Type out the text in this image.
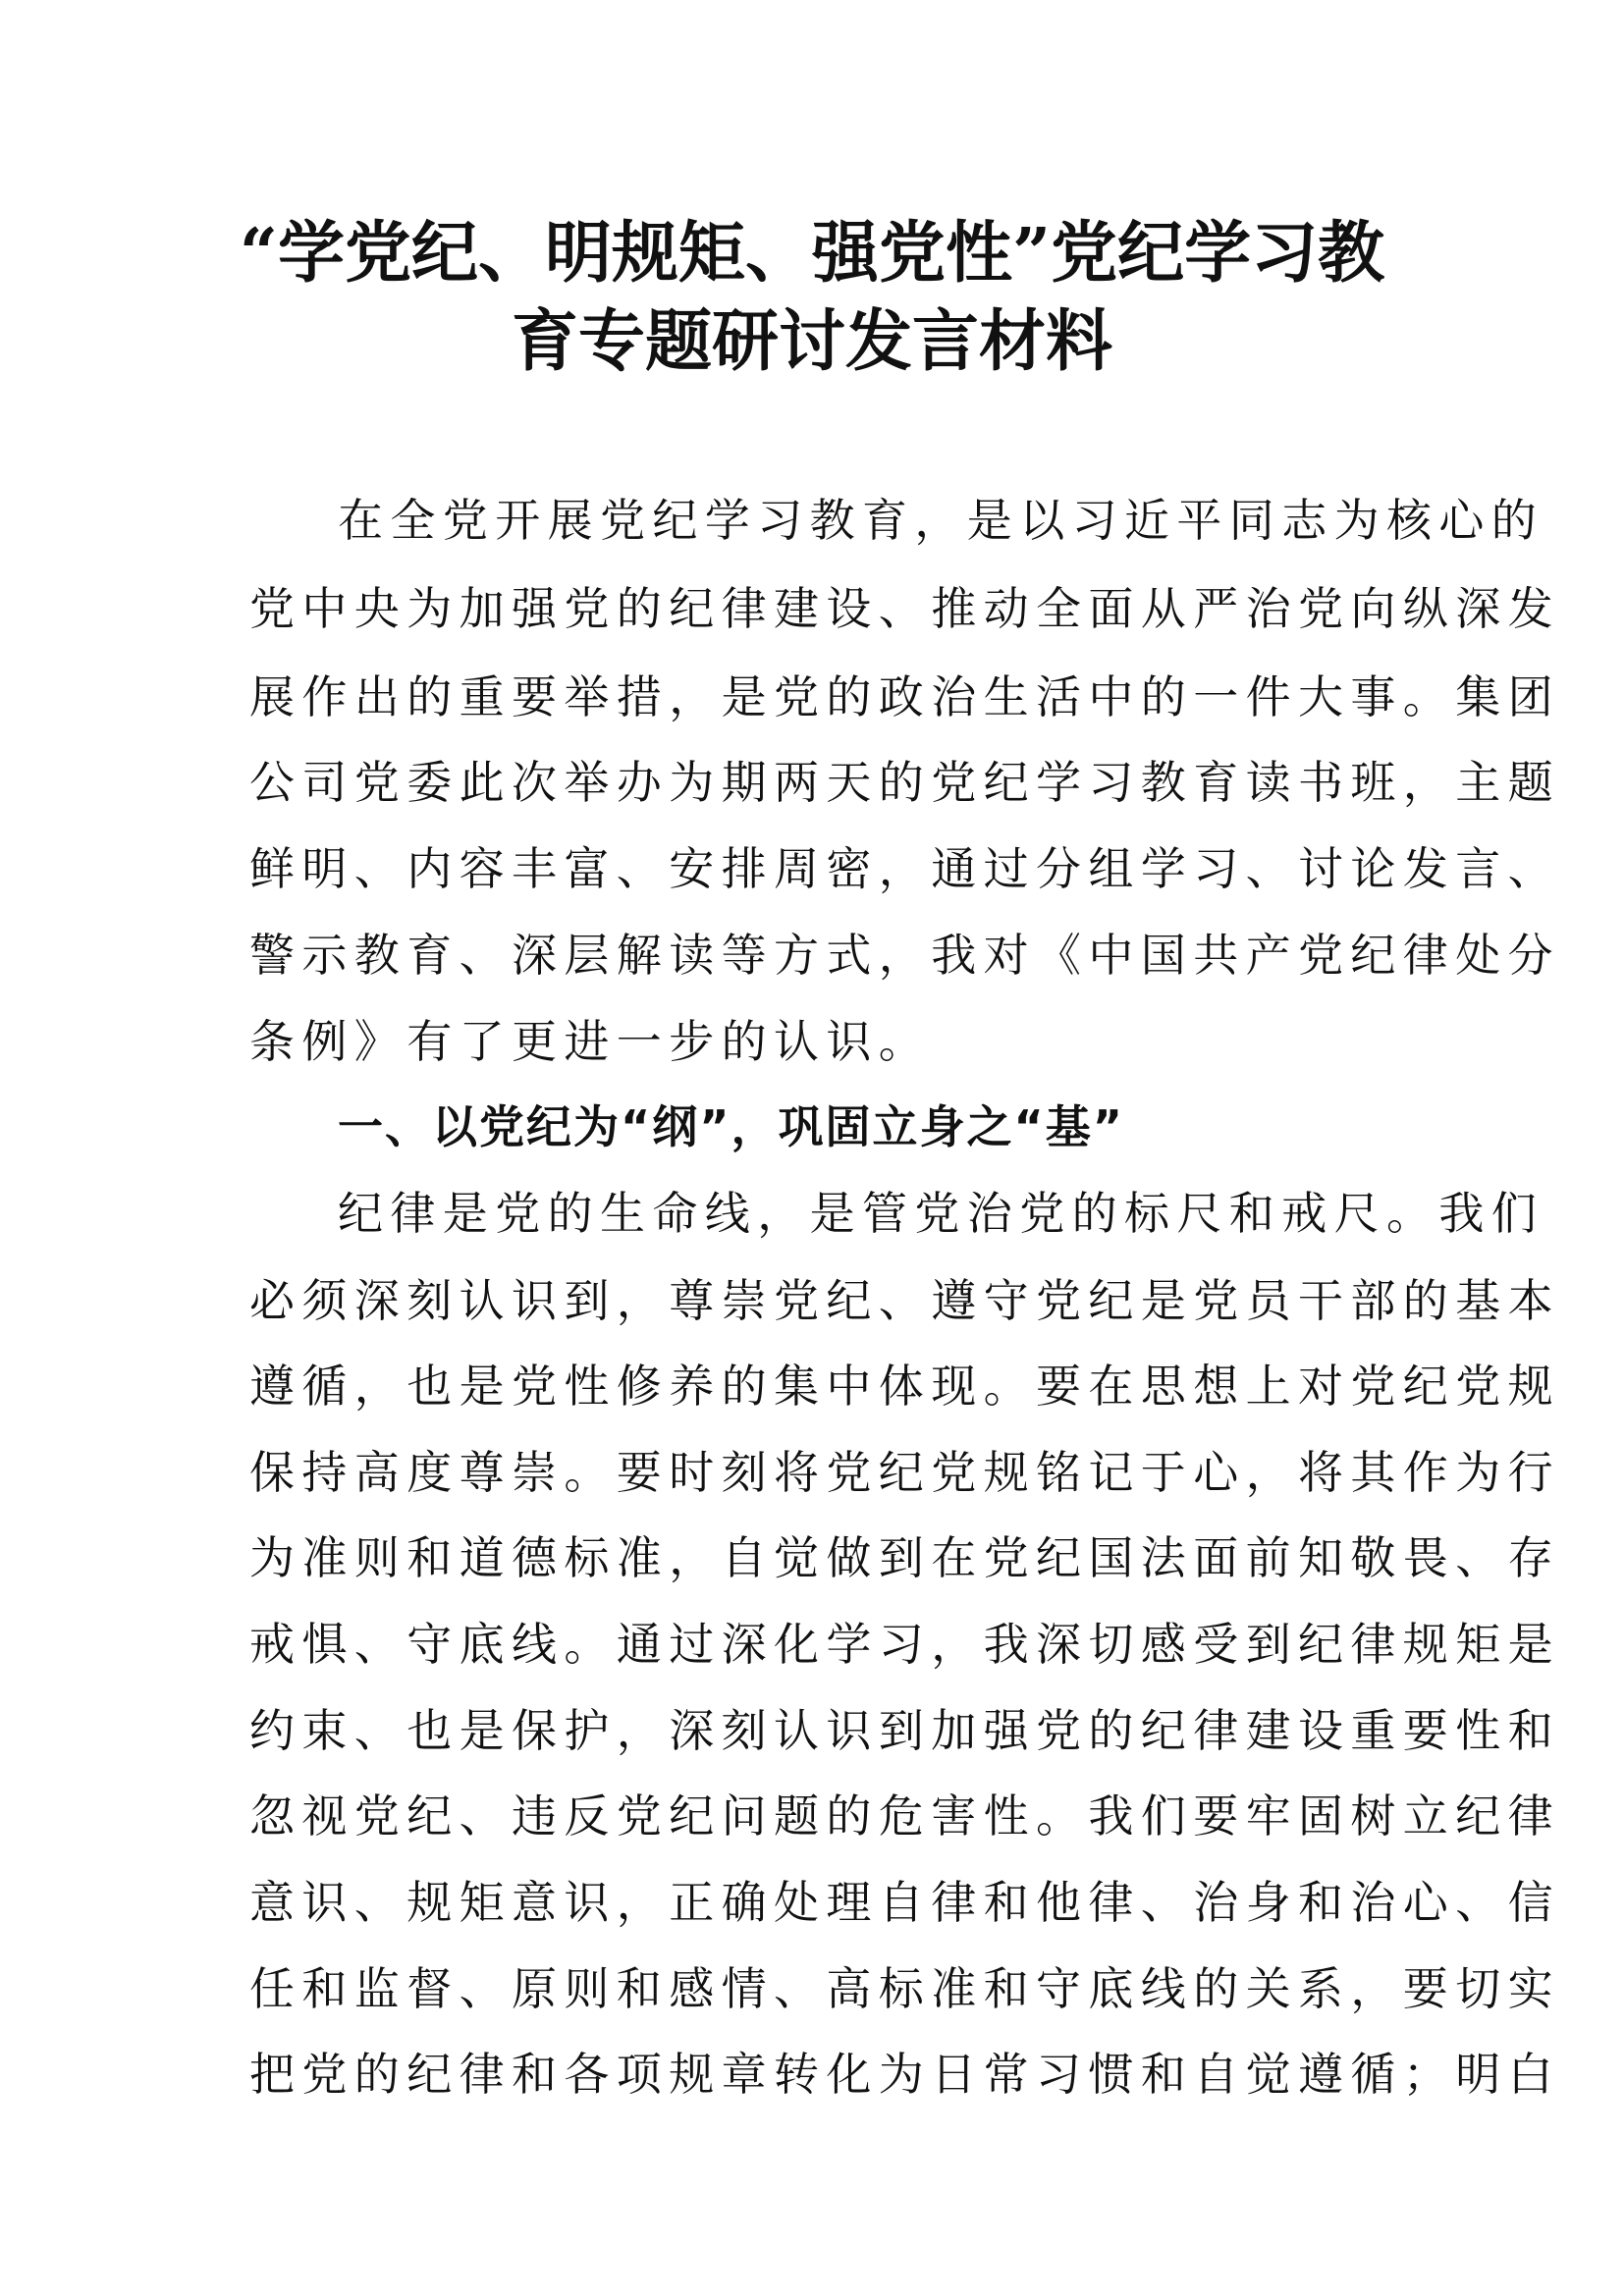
“学党纪、明规矩、强党性”党纪学习教
育专题研讨发言材料
在全党开展党纪学习教育，是以习近平同志为核心的
党中央为加强党的纪律建设、推动全面从严治党向纵深发
展作出的重要举措，是党的政治生活中的一件大事。集团
公司党委此次举办为期两天的党纪学习教育读书班，主题
鲜明、内容丰富、安排周密，通过分组学习、讨论发言、
警示教育、深层解读等方式，我对《中国共产党纪律处分
条例》有了更进一步的认识。
一、以党纪为“纲”，巩固立身之“基”
纪律是党的生命线，是管党治党的标尺和戒尺。我们
必须深刻认识到，尊崇党纪、遵守党纪是党员干部的基本
遵循，也是党性修养的集中体现。要在思想上对党纪党规
保持高度尊崇。要时刻将党纪党规铭记于心，将其作为行
为准则和道德标准，自觉做到在党纪国法面前知敬畏、存
戒惧、守底线。通过深化学习，我深切感受到纪律规矩是
约束、也是保护，深刻认识到加强党的纪律建设重要性和
忽视党纪、违反党纪问题的危害性。我们要牢固树立纪律
意识、规矩意识，正确处理自律和他律、治身和治心、信
任和监督、原则和感情、高标准和守底线的关系，要切实
把党的纪律和各项规章转化为日常习惯和自觉遵循；明白
